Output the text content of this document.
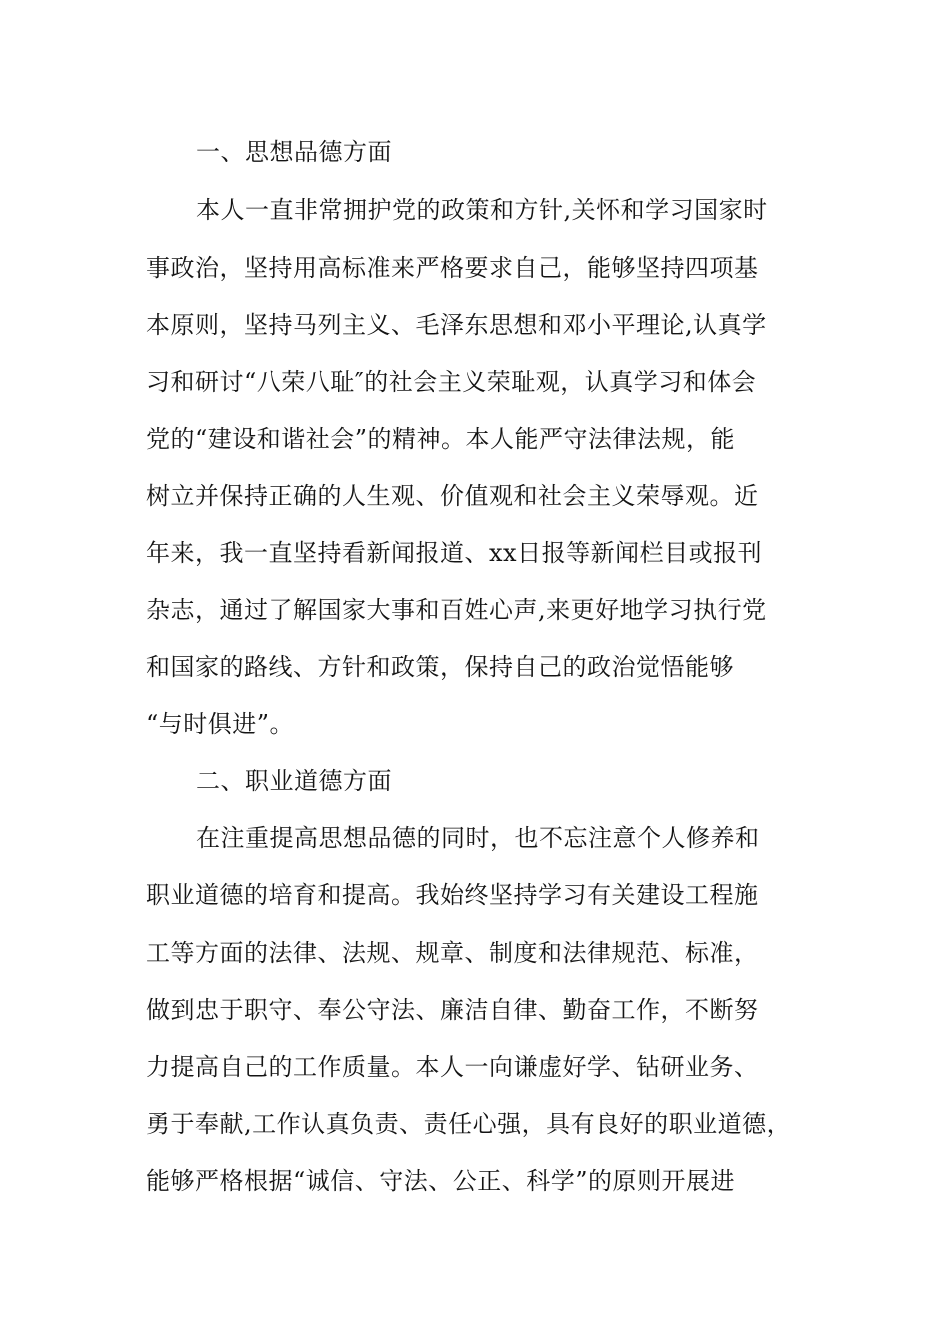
一、思想品德方面
本人一直非常拥护党的政策和方针,关怀和学习国家时
事政治，坚持用高标准来严格要求自己，能够坚持四项基
本原则，坚持马列主义、毛泽东思想和邓小平理论,认真学
习和研讨“八荣八耻″的社会主义荣耻观，认真学习和体会
党的“建设和谐社会”的精神。本人能严守法律法规，能
树立并保持正确的人生观、价值观和社会主义荣辱观。近
年来，我一直坚持看新闻报道、xx日报等新闻栏目或报刊
杂志，通过了解国家大事和百姓心声,来更好地学习执行党
和国家的路线、方针和政策，保持自己的政治觉悟能够
“与时俱进”。
二、职业道德方面
在注重提高思想品德的同时，也不忘注意个人修养和
职业道德的培育和提高。我始终坚持学习有关建设工程施
工等方面的法律、法规、规章、制度和法律规范、标准，
做到忠于职守、奉公守法、廉洁自律、勤奋工作，不断努
力提高自己的工作质量。本人一向谦虚好学、钻研业务、
勇于奉献,工作认真负责、责任心强，具有良好的职业道德，
能够严格根据“诚信、守法、公正、科学”的原则开展进
